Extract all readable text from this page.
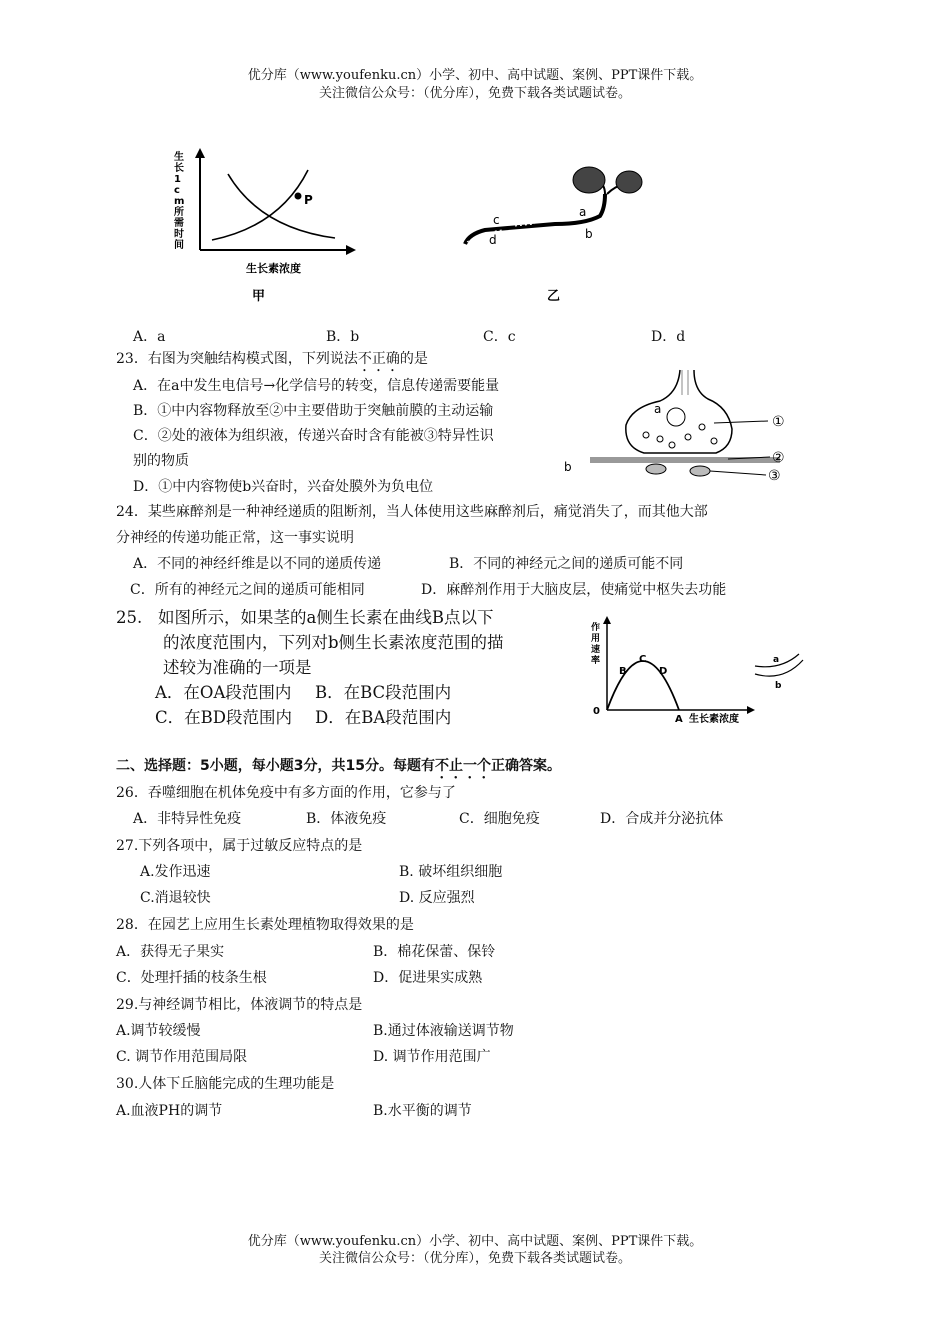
优分库（www.youfenku.cn）小学、初中、高中试题、案例、PPT课件下载。
关注微信公众号：（优分库），免费下载各类试题试卷。
生
长
1
c
m
所
需
时
间
P
生长素浓度
甲
c
d
a
b
乙
A．a	B．b	C．c	D．d
23．右图为突触结构模式图，下列说法不正确的是
A．在a中发生电信号→化学信号的转变，信息传递需要能量
B．①中内容物释放至②中主要借助于突触前膜的主动运输
C．②处的液体为组织液，传递兴奋时含有能被③特异性识
别的物质
D．①中内容物使b兴奋时，兴奋处膜外为负电位
a
b
①
②
③
24．某些麻醉剂是一种神经递质的阻断剂，当人体使用这些麻醉剂后，痛觉消失了，而其他大部
分神经的传递功能正常，这一事实说明
A．不同的神经纤维是以不同的递质传递	B．不同的神经元之间的递质可能不同
C．所有的神经元之间的递质可能相同	D．麻醉剂作用于大脑皮层，使痛觉中枢失去功能
25. 如图所示，如果茎的a侧生长素在曲线B点以下
的浓度范围内，下列对b侧生长素浓度范围的描
述较为准确的一项是
A．在OA段范围内 B．在BC段范围内
C．在BD段范围内 D．在BA段范围内
作
用
速
率
0
B
C
D
A 生长素浓度
a
b
二、选择题：5小题，每小题3分，共15分。每题有不止一个正确答案。
26．吞噬细胞在机体免疫中有多方面的作用，它参与了
A．非特异性免疫	B．体液免疫	C．细胞免疫	D．合成并分泌抗体
27.下列各项中，属于过敏反应特点的是
A.发作迅速	B. 破坏组织细胞
C.消退较快	D. 反应强烈
28．在园艺上应用生长素处理植物取得效果的是
A．获得无子果实	B．棉花保蕾、保铃
C．处理扦插的枝条生根	D．促进果实成熟
29.与神经调节相比，体液调节的特点是
A.调节较缓慢	B.通过体液输送调节物
C. 调节作用范围局限	D. 调节作用范围广
30.人体下丘脑能完成的生理功能是
A.血液PH的调节	B.水平衡的调节
优分库（www.youfenku.cn）小学、初中、高中试题、案例、PPT课件下载。
关注微信公众号：（优分库），免费下载各类试题试卷。
